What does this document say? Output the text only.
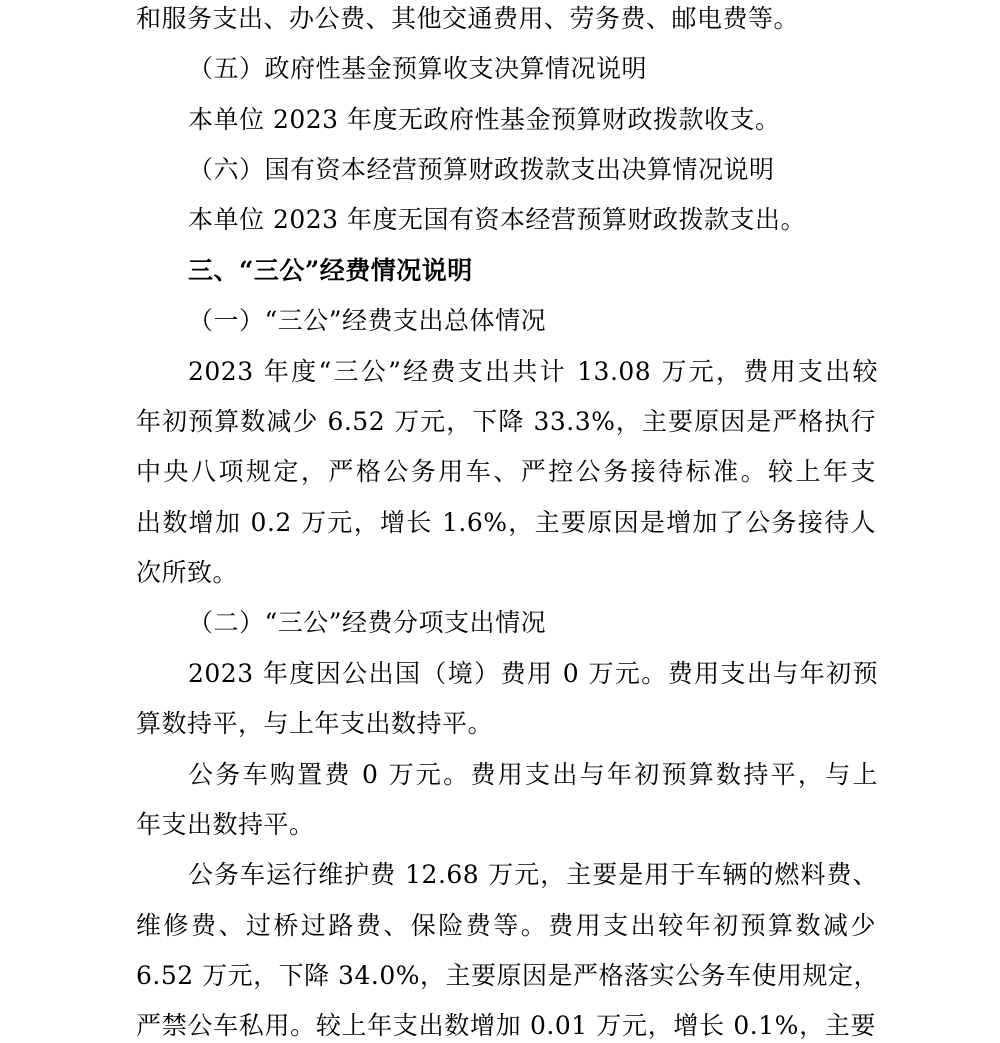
和服务支出、办公费、其他交通费用、劳务费、邮电费等。
（五）政府性基金预算收支决算情况说明
本单位 2023 年度无政府性基金预算财政拨款收支。
（六）国有资本经营预算财政拨款支出决算情况说明
本单位 2023 年度无国有资本经营预算财政拨款支出。
三、“三公”经费情况说明
（一）“三公”经费支出总体情况
2023 年度“三公”经费支出共计 13.08 万元，费用支出较
年初预算数减少 6.52 万元，下降 33.3%，主要原因是严格执行
中央八项规定，严格公务用车、严控公务接待标准。较上年支
出数增加 0.2 万元，增长 1.6%，主要原因是增加了公务接待人
次所致。
（二）“三公”经费分项支出情况
2023 年度因公出国（境）费用 0 万元。费用支出与年初预
算数持平，与上年支出数持平。
公务车购置费 0 万元。费用支出与年初预算数持平，与上
年支出数持平。
公务车运行维护费 12.68 万元，主要是用于车辆的燃料费、
维修费、过桥过路费、保险费等。费用支出较年初预算数减少
6.52 万元，下降 34.0%，主要原因是严格落实公务车使用规定，
严禁公车私用。较上年支出数增加 0.01 万元，增长 0.1%，主要
